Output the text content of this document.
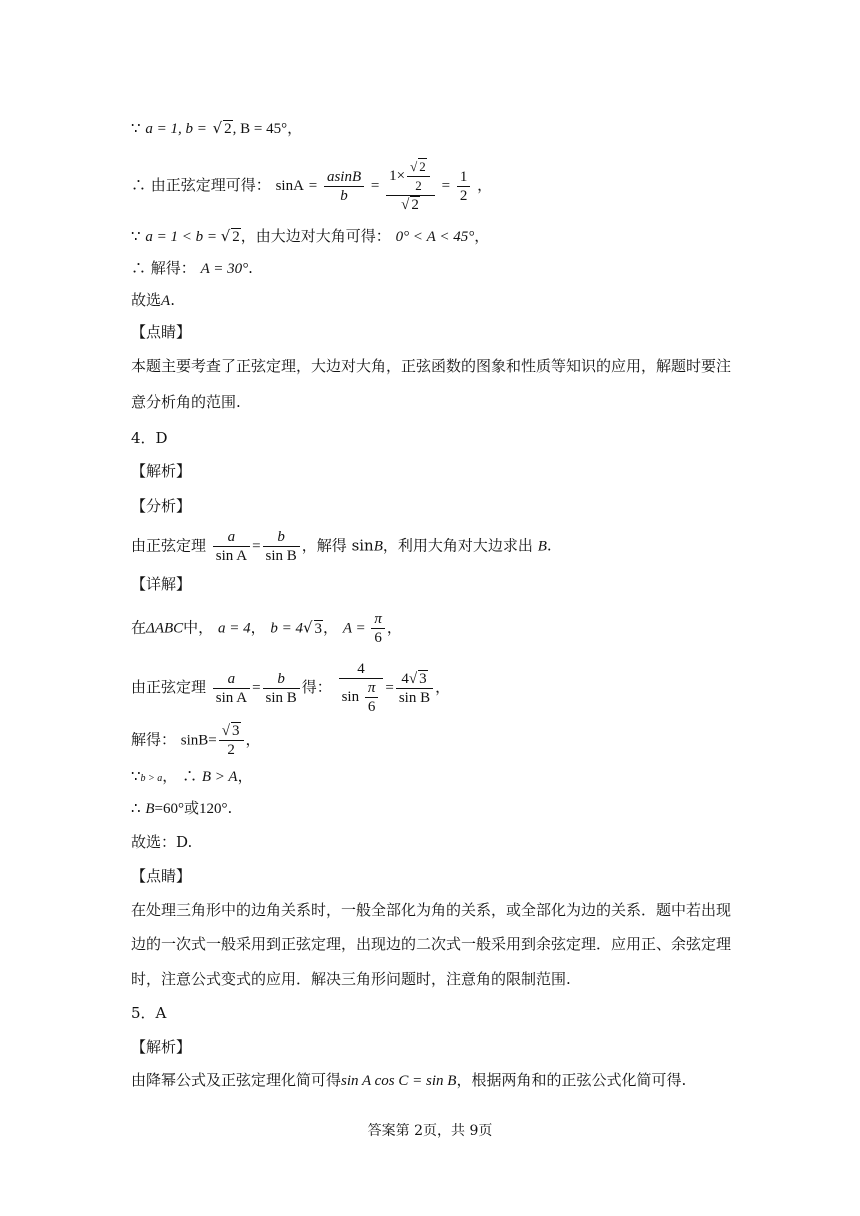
∵ a = 1, b = √ 2, B = 45°，
∴ 由正弦定理可得： $\sin A = \frac{asinB}{b} = \frac{1\times \frac{√ 2}{2}}{√ 2} = \frac{1}{2}$ ，
∵ a = 1 < b = √ 2，由大边对大角可得： 0° < A < 45°，
∴ 解得： A = 30°.
故选A.
【点睛】
本题主要考查了正弦定理，大边对大角，正弦函数的图象和性质等知识的应用，解题时要注
意分析角的范围.
4．D
【解析】
【分析】
由正弦定理 $\frac{a}{\text{sin A}} = \frac{b}{\text{sin B}}$ ，解得 sinB，利用大角对大边求出 B.
【详解】
在ΔABC中， a = 4， b = 4√ 3， $A = \frac{\pi}{6}$ ，
由正弦定理 $\frac{a}{\text{sin A}} = \frac{b}{\text{sin B}}$ 得： $\frac{4}{\sin \frac{\pi}{6}} = \frac{4√ 3}{\text{sin B}}$ ，
解得： $\sin B= \frac{√ 3}{2}$ ，
∵b > a， ∴ B > A，
∴ B=60°或120°.
故选：D.
【点睛】
在处理三角形中的边角关系时，一般全部化为角的关系，或全部化为边的关系．题中若出现
边的一次式一般采用到正弦定理，出现边的二次式一般采用到余弦定理．应用正、余弦定理
时，注意公式变式的应用．解决三角形问题时，注意角的限制范围.
5．A
【解析】
由降幂公式及正弦定理化简可得sin A cos C = sin B，根据两角和的正弦公式化简可得.
答案第 2页，共 9页
